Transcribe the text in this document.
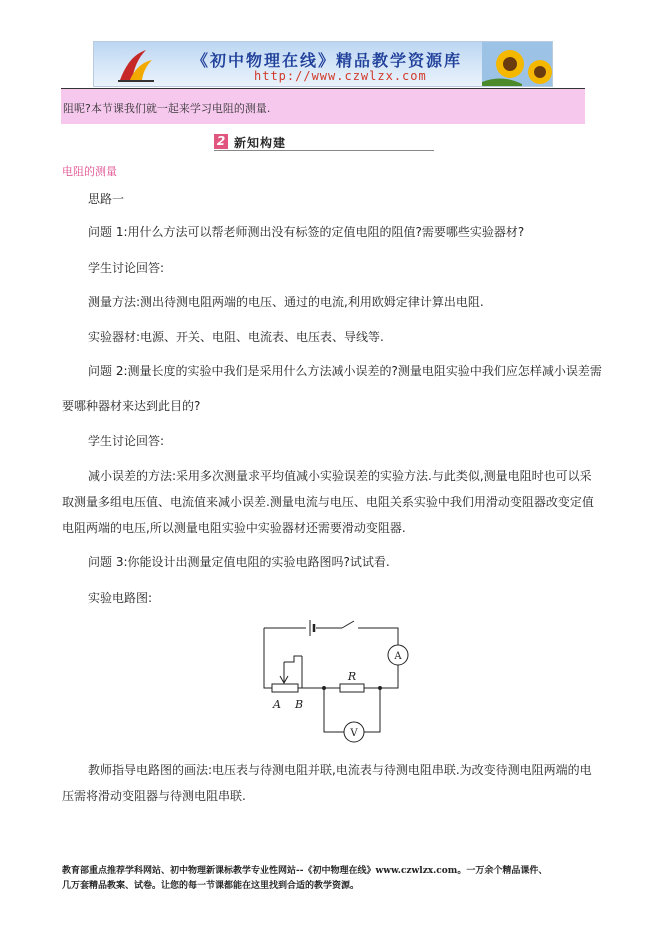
《初中物理在线》精品教学资源库
http://www.czwlzx.com
阻呢?本节课我们就一起来学习电阻的测量.
2 新知构建
电阻的测量
思路一
问题 1:用什么方法可以帮老师测出没有标签的定值电阻的阻值?需要哪些实验器材?
学生讨论回答:
测量方法:测出待测电阻两端的电压、通过的电流,利用欧姆定律计算出电阻.
实验器材:电源、开关、电阻、电流表、电压表、导线等.
问题 2:测量长度的实验中我们是采用什么方法减小误差的?测量电阻实验中我们应怎样减小误差需
要哪种器材来达到此目的?
学生讨论回答:
减小误差的方法:采用多次测量求平均值减小实验误差的实验方法.与此类似,测量电阻时也可以采
取测量多组电压值、电流值来减小误差.测量电流与电压、电阻关系实验中我们用滑动变阻器改变定值
电阻两端的电压,所以测量电阻实验中实验器材还需要滑动变阻器.
问题 3:你能设计出测量定值电阻的实验电路图吗?试试看.
实验电路图:
A
V
R
A B
教师指导电路图的画法:电压表与待测电阻并联,电流表与待测电阻串联.为改变待测电阻两端的电
压需将滑动变阻器与待测电阻串联.
教育部重点推荐学科网站、初中物理新课标教学专业性网站--《初中物理在线》www.czwlzx.com。一万余个精品课件、
几万套精品教案、试卷。让您的每一节课都能在这里找到合适的教学资源。
